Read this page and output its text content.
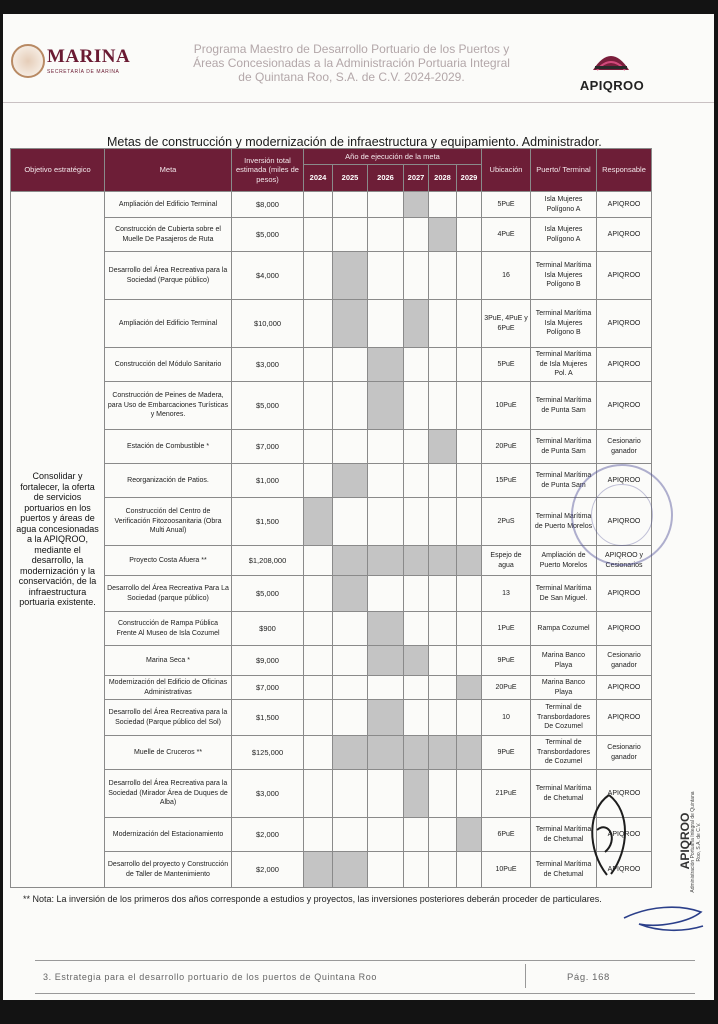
MARINA
SECRETARÍA DE MARINA
Programa Maestro de Desarrollo Portuario de los Puertos y
Áreas Concesionadas a la Administración Portuaria Integral
de Quintana Roo, S.A. de C.V. 2024-2029.
APIQROO
Metas de construcción y modernización de infraestructura y equipamiento. Administrador.
Objetivo estratégico	Meta	Inversión total estimada (miles de pesos)	Año de ejecución de la meta						Ubicación	Puerto/ Terminal	Responsable
			2024	2025	2026	2027	2028	2029			
Consolidar y fortalecer, la oferta de servicios portuarios en los puertos y áreas de agua concesionadas a la APIQROO, mediante el desarrollo, la modernización y la conservación, de la infraestructura portuaria existente.	Ampliación del Edificio Terminal	$8,000							5PuE	Isla Mujeres Polígono A	APIQROO
	Construcción de Cubierta sobre el Muelle De Pasajeros de Ruta	$5,000							4PuE	Isla Mujeres Polígono A	APIQROO
	Desarrollo del Área Recreativa para la Sociedad (Parque público)	$4,000							16	Terminal Marítima Isla Mujeres Polígono B	APIQROO
	Ampliación del Edificio Terminal	$10,000							3PuE, 4PuE y 6PuE	Terminal Marítima Isla Mujeres Polígono B	APIQROO
	Construcción del Módulo Sanitario	$3,000							5PuE	Terminal Marítima de Isla Mujeres Pol. A	APIQROO
	Construcción de Peines de Madera, para Uso de Embarcaciones Turísticas y Menores.	$5,000							10PuE	Terminal Marítima de Punta Sam	APIQROO
	Estación de Combustible *	$7,000							20PuE	Terminal Marítima de Punta Sam	Cesionario ganador
	Reorganización de Patios.	$1,000							15PuE	Terminal Marítima de Punta Sam	APIQROO
	Construcción del Centro de Verificación Fitozoosanitaria (Obra Multi Anual)	$1,500							2PuS	Terminal Marítima de Puerto Morelos	APIQROO
	Proyecto Costa Afuera **	$1,208,000							Espejo de agua	Ampliación de Puerto Morelos	APIQROO y Cesionarios
	Desarrollo del Área Recreativa Para La Sociedad (parque público)	$5,000							13	Terminal Marítima De San Miguel.	APIQROO
	Construcción de Rampa Pública Frente Al Museo de Isla Cozumel	$900							1PuE	Rampa Cozumel	APIQROO
	Marina Seca *	$9,000							9PuE	Marina Banco Playa	Cesionario ganador
	Modernización del Edificio de Oficinas Administrativas	$7,000							20PuE	Marina Banco Playa	APIQROO
	Desarrollo del Área Recreativa para la Sociedad (Parque público del Sol)	$1,500							10	Terminal de Transbordadores De Cozumel	APIQROO
	Muelle de Cruceros **	$125,000							9PuE	Terminal de Transbordadores de Cozumel	Cesionario ganador
	Desarrollo del Área Recreativa para la Sociedad (Mirador Área de Duques de Alba)	$3,000							21PuE	Terminal Marítima de Chetumal	APIQROO
	Modernización del Estacionamiento	$2,000							6PuE	Terminal Marítima de Chetumal	APIQROO
	Desarrollo del proyecto y Construcción de Taller de Mantenimiento	$2,000							10PuE	Terminal Marítima de Chetumal	APIQROO	APIQROO
Administración Portuaria Integral de Quintana Roo, S.A. de C.V.
** Nota: La inversión de los primeros dos años corresponde a estudios y proyectos, las inversiones posteriores deberán proceder de particulares.
3. Estrategia para el desarrollo portuario de los puertos de Quintana Roo	Pág. 168
